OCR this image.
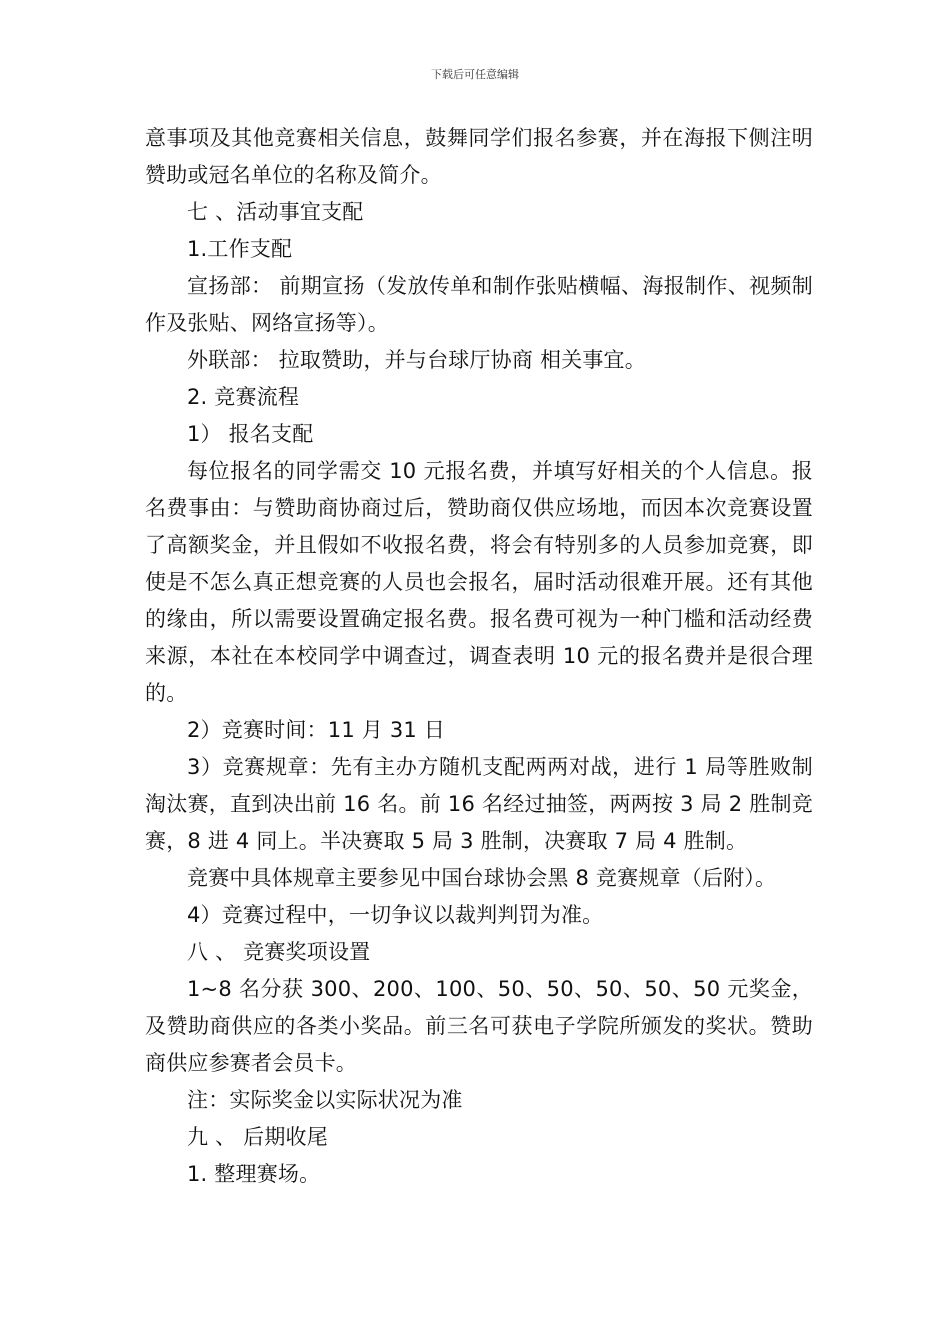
下载后可任意编辑

意事项及其他竞赛相关信息，鼓舞同学们报名参赛，并在海报下侧注明赞助或冠名单位的名称及简介。

七 、活动事宜支配

1.工作支配

宣扬部： 前期宣扬（发放传单和制作张贴横幅、海报制作、视频制 作及张贴、网络宣扬等）。

外联部： 拉取赞助，并与台球厅协商 相关事宜。

2. 竞赛流程

1） 报名支配

每位报名的同学需交 10 元报名费，并填写好相关的个人信息。报名费事由：与赞助商协商过后，赞助商仅供应场地，而因本次竞赛设置了高额奖金，并且假如不收报名费，将会有特别多的人员参加竞赛，即使是不怎么真正想竞赛的人员也会报名，届时活动很难开展。还有其他的缘由，所以需要设置确定报名费。报名费可视为一种门槛和活动经费来源，本社在本校同学中调查过，调查表明 10 元的报名费并是很合理的。

2）竞赛时间：11 月 31 日

3）竞赛规章：先有主办方随机支配两两对战，进行 1 局等胜败制淘汰赛，直到决出前 16 名。前 16 名经过抽签，两两按 3 局 2 胜制竞赛，8 进 4 同上。半决赛取 5 局 3 胜制，决赛取 7 局 4 胜制。

竞赛中具体规章主要参见中国台球协会黑 8 竞赛规章（后附）。

4）竞赛过程中，一切争议以裁判判罚为准。

八 、 竞赛奖项设置

1~8 名分获 300、200、100、50、50、50、50、50 元奖金，及赞助商供应的各类小奖品。前三名可获电子学院所颁发的奖状。赞助商供应参赛者会员卡。

注：实际奖金以实际状况为准

九 、 后期收尾

1. 整理赛场。
